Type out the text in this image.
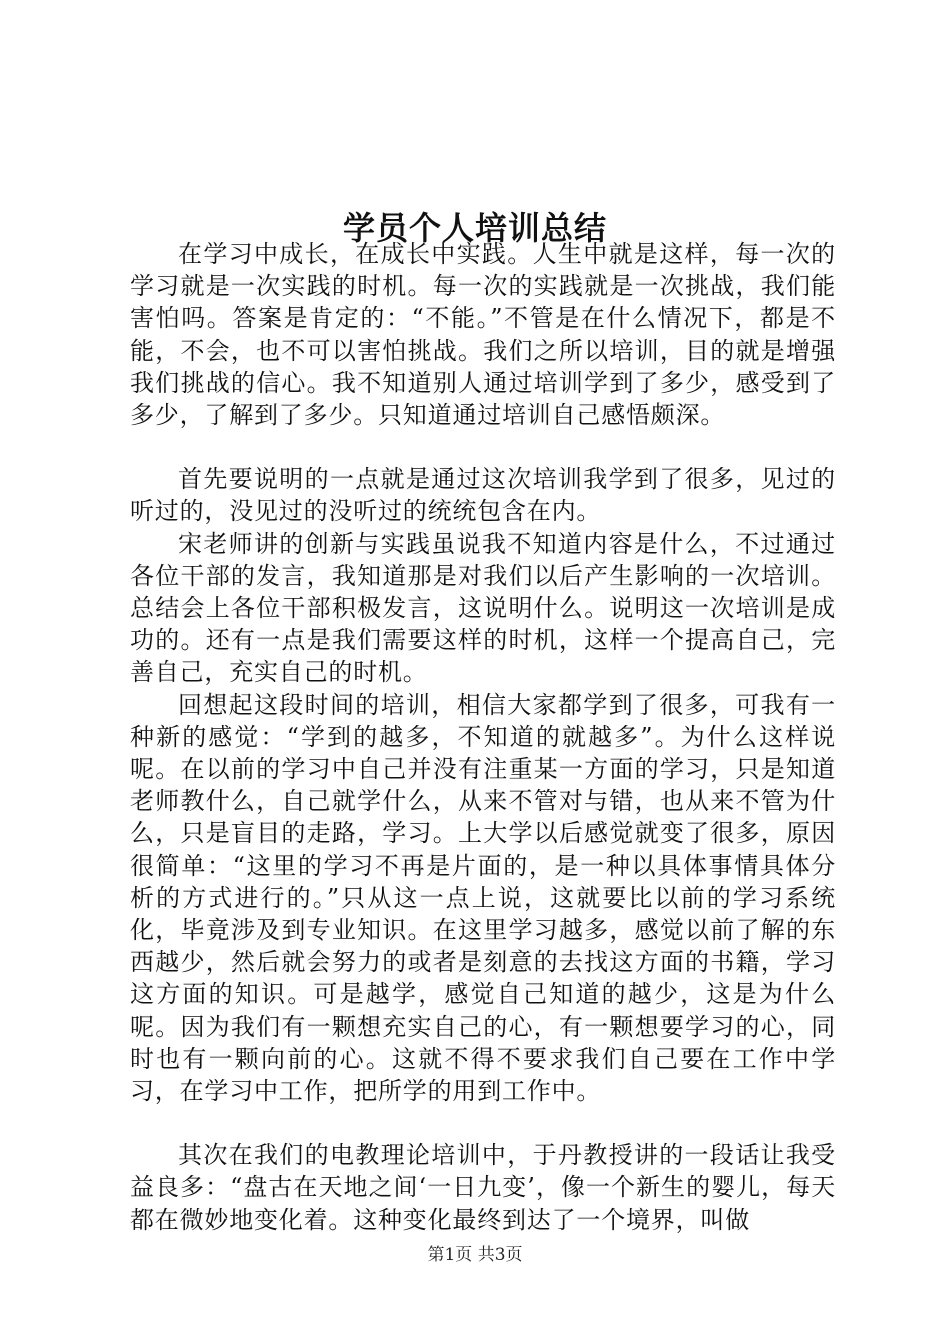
学员个人培训总结

在学习中成长，在成长中实践。人生中就是这样，每一次的学习就是一次实践的时机。每一次的实践就是一次挑战，我们能害怕吗。答案是肯定的：“不能。”不管是在什么情况下，都是不能，不会，也不可以害怕挑战。我们之所以培训，目的就是增强我们挑战的信心。我不知道别人通过培训学到了多少，感受到了多少，了解到了多少。只知道通过培训自己感悟颇深。

首先要说明的一点就是通过这次培训我学到了很多，见过的听过的，没见过的没听过的统统包含在内。

宋老师讲的创新与实践虽说我不知道内容是什么，不过通过各位干部的发言，我知道那是对我们以后产生影响的一次培训。总结会上各位干部积极发言，这说明什么。说明这一次培训是成功的。还有一点是我们需要这样的时机，这样一个提高自己，完善自己，充实自己的时机。

回想起这段时间的培训，相信大家都学到了很多，可我有一种新的感觉：“学到的越多，不知道的就越多”。为什么这样说呢。在以前的学习中自己并没有注重某一方面的学习，只是知道老师教什么，自己就学什么，从来不管对与错，也从来不管为什么，只是盲目的走路，学习。上大学以后感觉就变了很多，原因很简单：“这里的学习不再是片面的，是一种以具体事情具体分析的方式进行的。”只从这一点上说，这就要比以前的学习系统化，毕竟涉及到专业知识。在这里学习越多，感觉以前了解的东西越少，然后就会努力的或者是刻意的去找这方面的书籍，学习这方面的知识。可是越学，感觉自己知道的越少，这是为什么呢。因为我们有一颗想充实自己的心，有一颗想要学习的心，同时也有一颗向前的心。这就不得不要求我们自己要在工作中学习，在学习中工作，把所学的用到工作中。

其次在我们的电教理论培训中，于丹教授讲的一段话让我受益良多：“盘古在天地之间‘一日九变’，像一个新生的婴儿，每天都在微妙地变化着。这种变化最终到达了一个境界，叫做

第1页 共3页
